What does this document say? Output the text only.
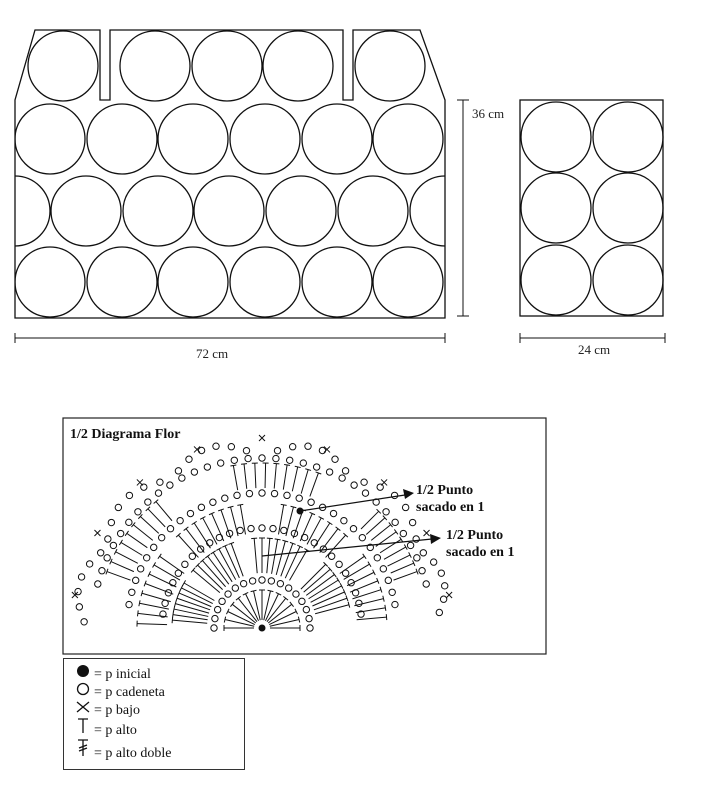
36 cm
72 cm	24 cm
1/2 Diagrama Flor
1/2 Punto
sacado en 1
1/2 Punto
sacado en 1
= p inicial
= p cadeneta
= p bajo
= p alto
= p alto doble
